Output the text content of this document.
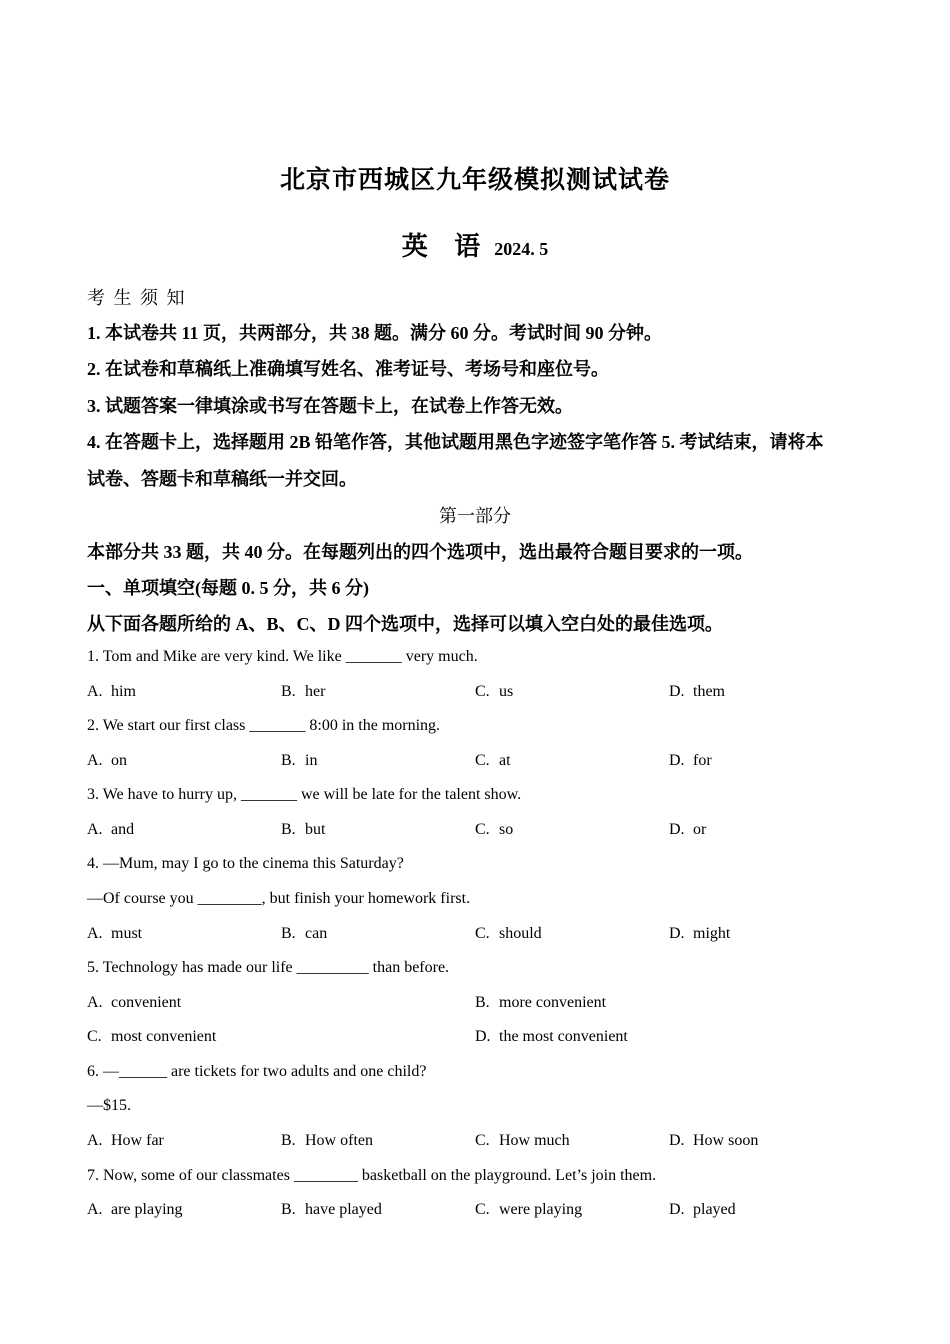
北京市西城区九年级模拟测试试卷
英 语 2024. 5
考 生 须 知
1. 本试卷共 11 页，共两部分，共 38 题。满分 60 分。考试时间 90 分钟。
2. 在试卷和草稿纸上准确填写姓名、准考证号、考场号和座位号。
3. 试题答案一律填涂或书写在答题卡上，在试卷上作答无效。
4. 在答题卡上，选择题用 2B 铅笔作答，其他试题用黑色字迹签字笔作答 5. 考试结束，请将本
试卷、答题卡和草稿纸一并交回。
第一部分
本部分共 33 题，共 40 分。在每题列出的四个选项中，选出最符合题目要求的一项。
一、单项填空(每题 0. 5 分，共 6 分)
从下面各题所给的 A、B、C、D 四个选项中，选择可以填入空白处的最佳选项。
1. Tom and Mike are very kind. We like _______ very much.
A. him	B. her	C. us	D. them
2. We start our first class _______ 8:00 in the morning.
A. on	B. in	C. at	D. for
3. We have to hurry up, _______ we will be late for the talent show.
A. and	B. but	C. so	D. or
4. —Mum, may I go to the cinema this Saturday?
—Of course you ________, but finish your homework first.
A. must	B. can	C. should	D. might
5. Technology has made our life _________ than before.
A. convenient	B. more convenient
C. most convenient	D. the most convenient
6. —______ are tickets for two adults and one child?
—$15.
A. How far	B. How often	C. How much	D. How soon
7. Now, some of our classmates ________ basketball on the playground. Let’s join them.
A. are playing	B. have played	C. were playing	D. played
